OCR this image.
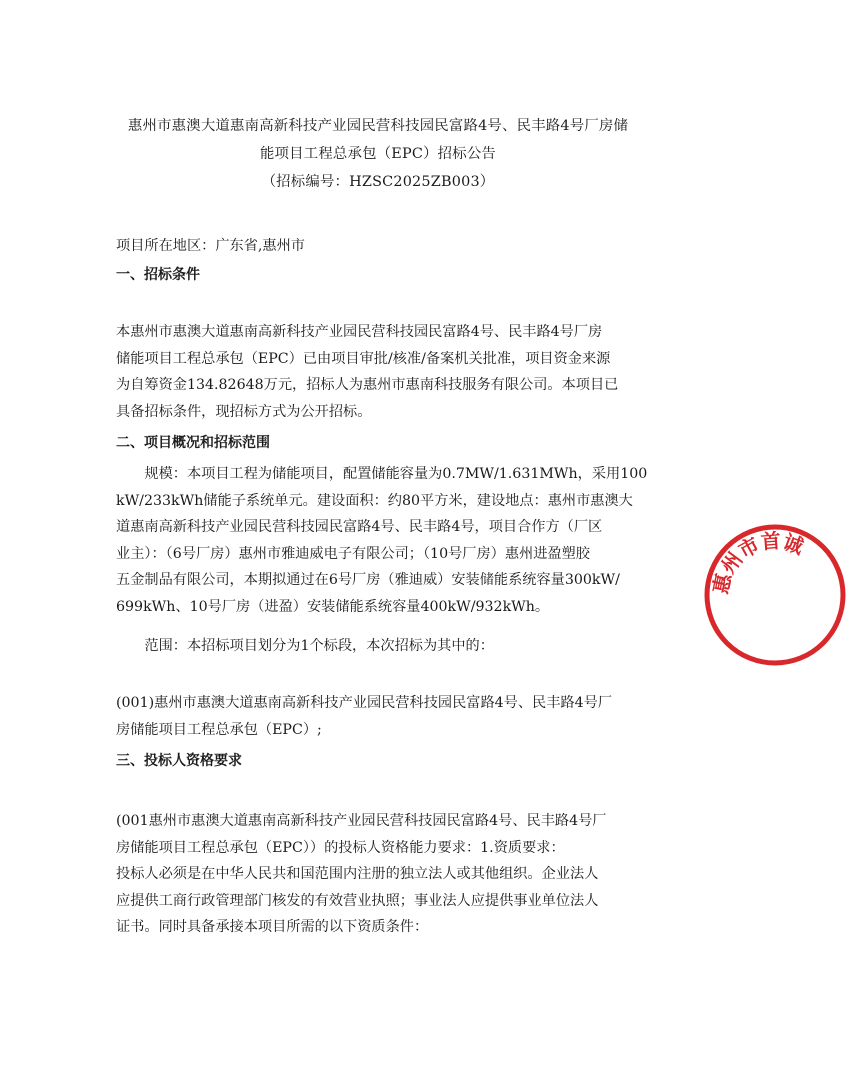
惠州市惠澳大道惠南高新科技产业园民营科技园民富路4号、民丰路4号厂房储
能项目工程总承包（EPC）招标公告
（招标编号：HZSC2025ZB003）
项目所在地区：广东省,惠州市
一、招标条件
本惠州市惠澳大道惠南高新科技产业园民营科技园民富路4号、民丰路4号厂房
储能项目工程总承包（EPC）已由项目审批/核准/备案机关批准，项目资金来源
为自筹资金134.82648万元，招标人为惠州市惠南科技服务有限公司。本项目已
具备招标条件，现招标方式为公开招标。
二、项目概况和招标范围
　　规模：本项目工程为储能项目，配置储能容量为0.7MW/1.631MWh，采用100
kW/233kWh储能子系统单元。建设面积：约80平方米，建设地点：惠州市惠澳大
道惠南高新科技产业园民营科技园民富路4号、民丰路4号，项目合作方（厂区
业主）：（6号厂房）惠州市雅迪威电子有限公司；（10号厂房）惠州进盈塑胶
五金制品有限公司，本期拟通过在6号厂房（雅迪威）安装储能系统容量300kW/
699kWh、10号厂房（进盈）安装储能系统容量400kW/932kWh。
　　范围：本招标项目划分为1个标段，本次招标为其中的：
(001)惠州市惠澳大道惠南高新科技产业园民营科技园民富路4号、民丰路4号厂
房储能项目工程总承包（EPC）;
三、投标人资格要求
(001惠州市惠澳大道惠南高新科技产业园民营科技园民富路4号、民丰路4号厂
房储能项目工程总承包（EPC））的投标人资格能力要求：1.资质要求：
投标人必须是在中华人民共和国范围内注册的独立法人或其他组织。企业法人
应提供工商行政管理部门核发的有效营业执照；事业法人应提供事业单位法人
证书。同时具备承接本项目所需的以下资质条件：
惠州市首诚
